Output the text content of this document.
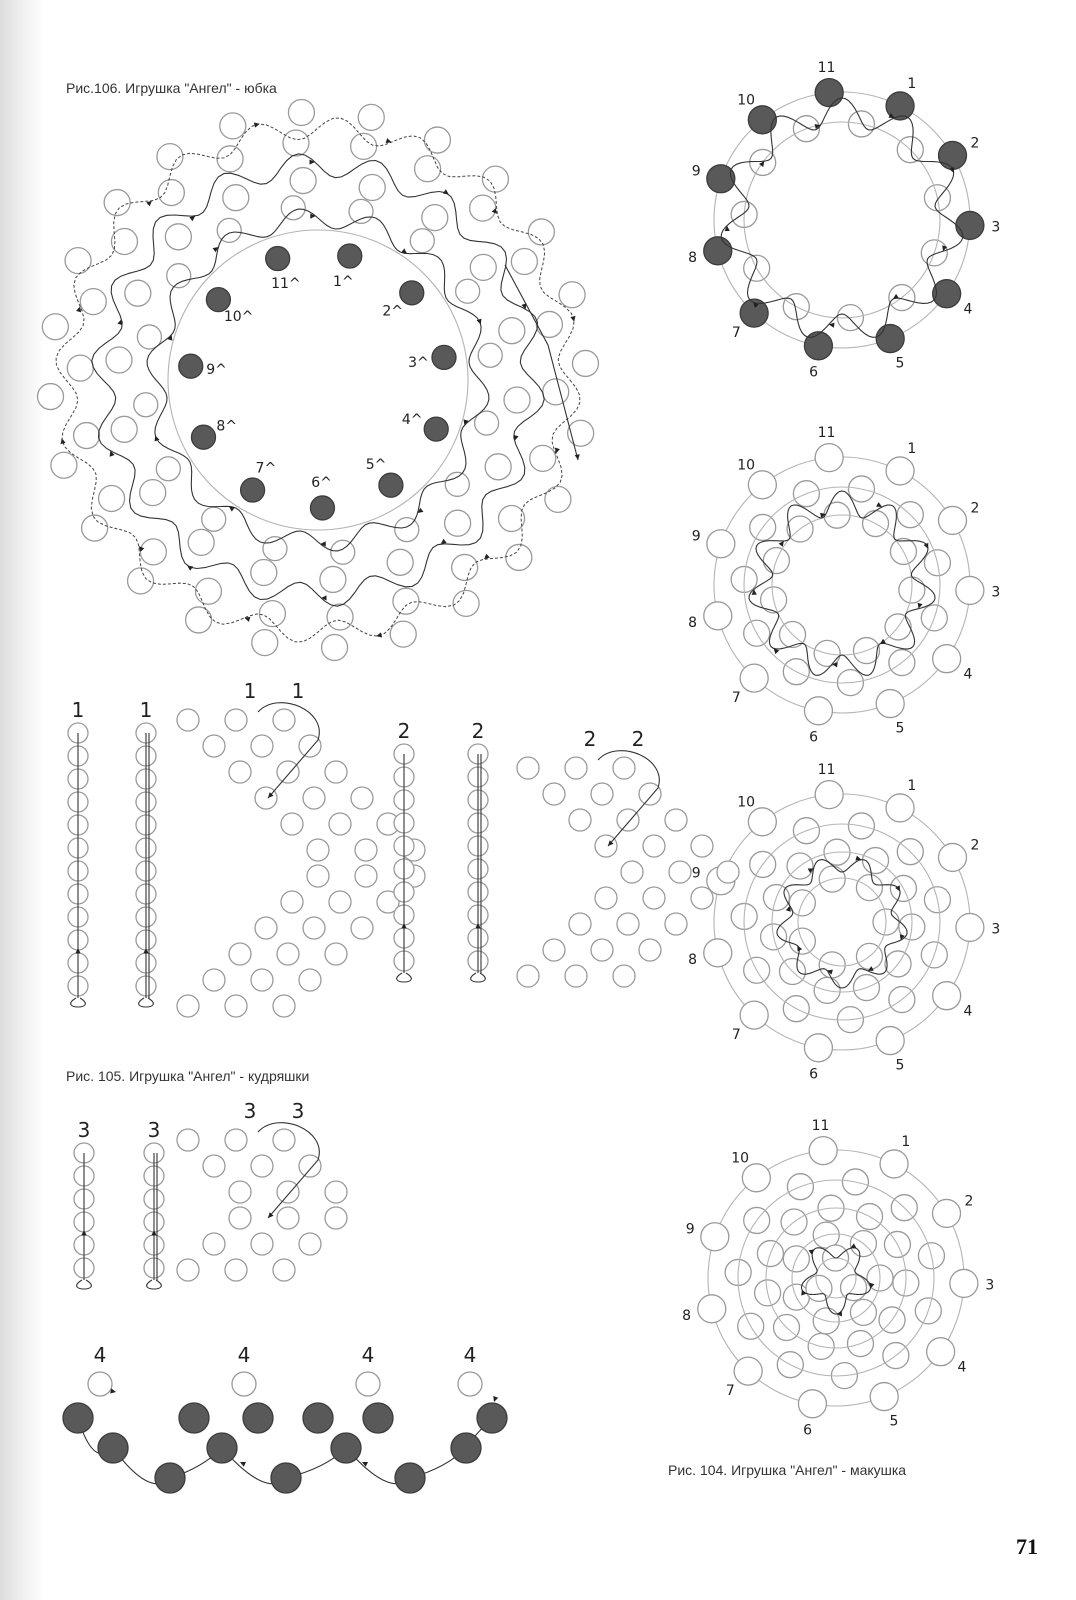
1^
2^
3^
4^
5^
6^
7^
8^
9^
10^
11^
1
2
3
4
5
6
7
8
9
10
11
1
2
3
4
5
6
7
8
9
10
11
1
2
3
4
5
6
7
8
9
10
11
1
2
3
4
5
6
7
8
9
10
11
1	1
1 1
2	2	2 2
3	3
3 3
4	4	4	4
Рис.106. Игрушка "Ангел" - юбка
Рис. 105. Игрушка "Ангел" - кудряшки
Рис. 104. Игрушка "Ангел" - макушка
71
